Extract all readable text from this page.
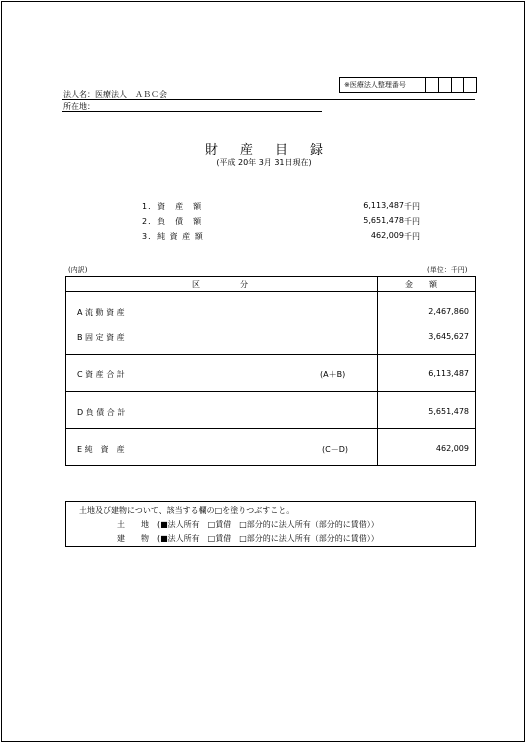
※医療法人整理番号
法人名：医療法人　ＡＢＣ会
所在地：
財産目録
(平成 20年 3月 31日現在)
1．資　産　額	6,113,487 千円
2．負　債　額	5,651,478 千円
3．純 資 産 額	462,009 千円
(内訳)	(単位：千円)
区　　　　　分	金　　額
A 流 動 資 産	2,467,860
B 固 定 資 産	3,645,627
C 資 産 合 計	(A＋B)	6,113,487
D 負 債 合 計	5,651,478
E 純　資　産	(C－D)	462,009
土地及び建物について、該当する欄の□を塗りつぶすこと。
土　　地　(■法人所有　□賃借　□部分的に法人所有（部分的に賃借））
建　　物　(■法人所有　□賃借　□部分的に法人所有（部分的に賃借））
